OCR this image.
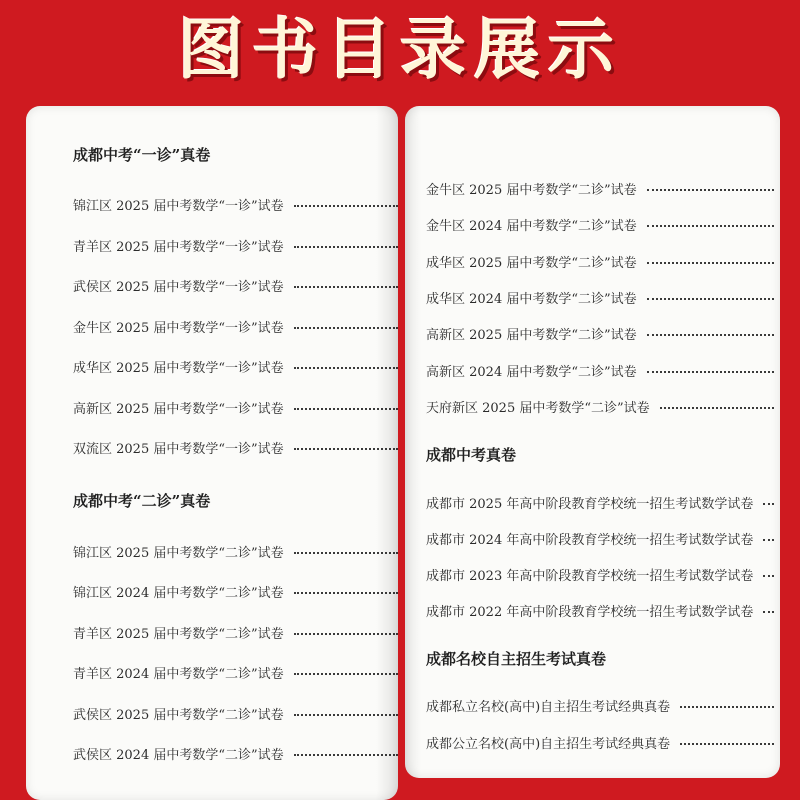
图书目录展示
成都中考“一诊”真卷
锦江区 2025 届中考数学“一诊”试卷
青羊区 2025 届中考数学“一诊”试卷
武侯区 2025 届中考数学“一诊”试卷
金牛区 2025 届中考数学“一诊”试卷
成华区 2025 届中考数学“一诊”试卷
高新区 2025 届中考数学“一诊”试卷
双流区 2025 届中考数学“一诊”试卷
成都中考“二诊”真卷
锦江区 2025 届中考数学“二诊”试卷
锦江区 2024 届中考数学“二诊”试卷
青羊区 2025 届中考数学“二诊”试卷
青羊区 2024 届中考数学“二诊”试卷
武侯区 2025 届中考数学“二诊”试卷
武侯区 2024 届中考数学“二诊”试卷
金牛区 2025 届中考数学“二诊”试卷
金牛区 2024 届中考数学“二诊”试卷
成华区 2025 届中考数学“二诊”试卷
成华区 2024 届中考数学“二诊”试卷
高新区 2025 届中考数学“二诊”试卷
高新区 2024 届中考数学“二诊”试卷
天府新区 2025 届中考数学“二诊”试卷
成都中考真卷
成都市 2025 年高中阶段教育学校统一招生考试数学试卷
成都市 2024 年高中阶段教育学校统一招生考试数学试卷
成都市 2023 年高中阶段教育学校统一招生考试数学试卷
成都市 2022 年高中阶段教育学校统一招生考试数学试卷
成都名校自主招生考试真卷
成都私立名校(高中)自主招生考试经典真卷
成都公立名校(高中)自主招生考试经典真卷
